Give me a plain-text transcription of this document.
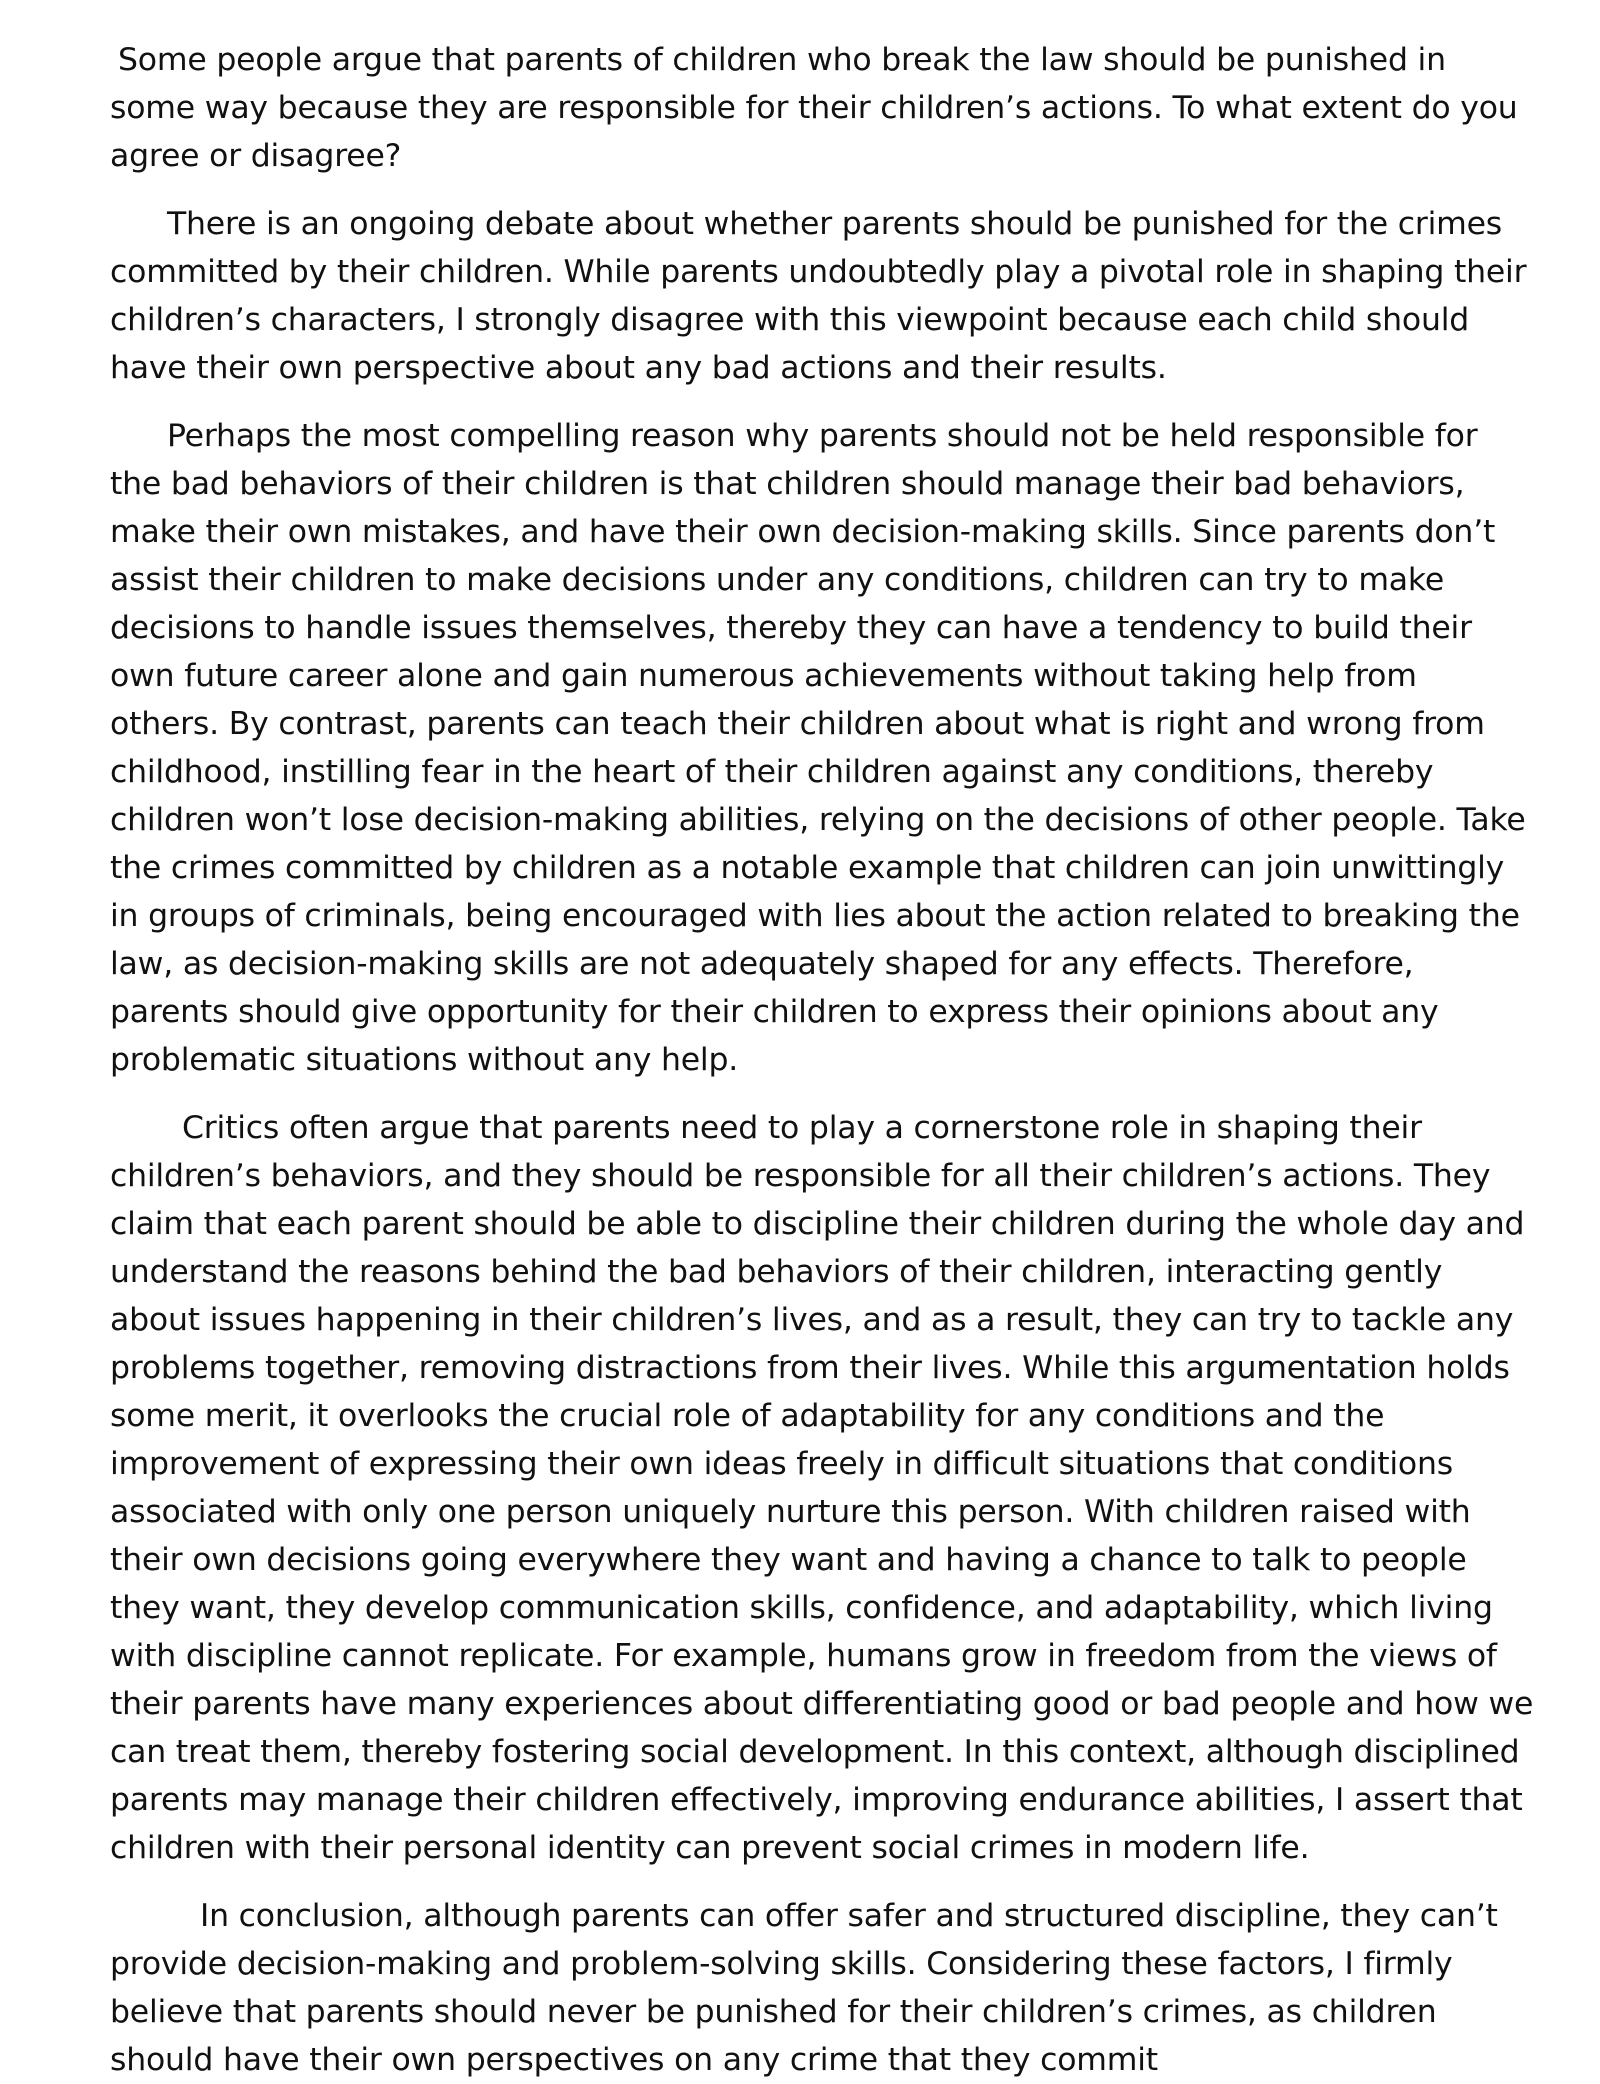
Some people argue that parents of children who break the law should be punished in some way because they are responsible for their children’s actions. To what extent do you agree or disagree?

There is an ongoing debate about whether parents should be punished for the crimes committed by their children. While parents undoubtedly play a pivotal role in shaping their children’s characters, I strongly disagree with this viewpoint because each child should have their own perspective about any bad actions and their results.

Perhaps the most compelling reason why parents should not be held responsible for the bad behaviors of their children is that children should manage their bad behaviors, make their own mistakes, and have their own decision-making skills. Since parents don’t assist their children to make decisions under any conditions, children can try to make decisions to handle issues themselves, thereby they can have a tendency to build their own future career alone and gain numerous achievements without taking help from others. By contrast, parents can teach their children about what is right and wrong from childhood, instilling fear in the heart of their children against any conditions, thereby children won’t lose decision-making abilities, relying on the decisions of other people. Take the crimes committed by children as a notable example that children can join unwittingly in groups of criminals, being encouraged with lies about the action related to breaking the law, as decision-making skills are not adequately shaped for any effects. Therefore, parents should give opportunity for their children to express their opinions about any problematic situations without any help.

Critics often argue that parents need to play a cornerstone role in shaping their children’s behaviors, and they should be responsible for all their children’s actions. They claim that each parent should be able to discipline their children during the whole day and understand the reasons behind the bad behaviors of their children, interacting gently about issues happening in their children’s lives, and as a result, they can try to tackle any problems together, removing distractions from their lives. While this argumentation holds some merit, it overlooks the crucial role of adaptability for any conditions and the improvement of expressing their own ideas freely in difficult situations that conditions associated with only one person uniquely nurture this person. With children raised with their own decisions going everywhere they want and having a chance to talk to people they want, they develop communication skills, confidence, and adaptability, which living with discipline cannot replicate. For example, humans grow in freedom from the views of their parents have many experiences about differentiating good or bad people and how we can treat them, thereby fostering social development. In this context, although disciplined parents may manage their children effectively, improving endurance abilities, I assert that children with their personal identity can prevent social crimes in modern life.

In conclusion, although parents can offer safer and structured discipline, they can’t provide decision-making and problem-solving skills. Considering these factors, I firmly believe that parents should never be punished for their children’s crimes, as children should have their own perspectives on any crime that they commit
